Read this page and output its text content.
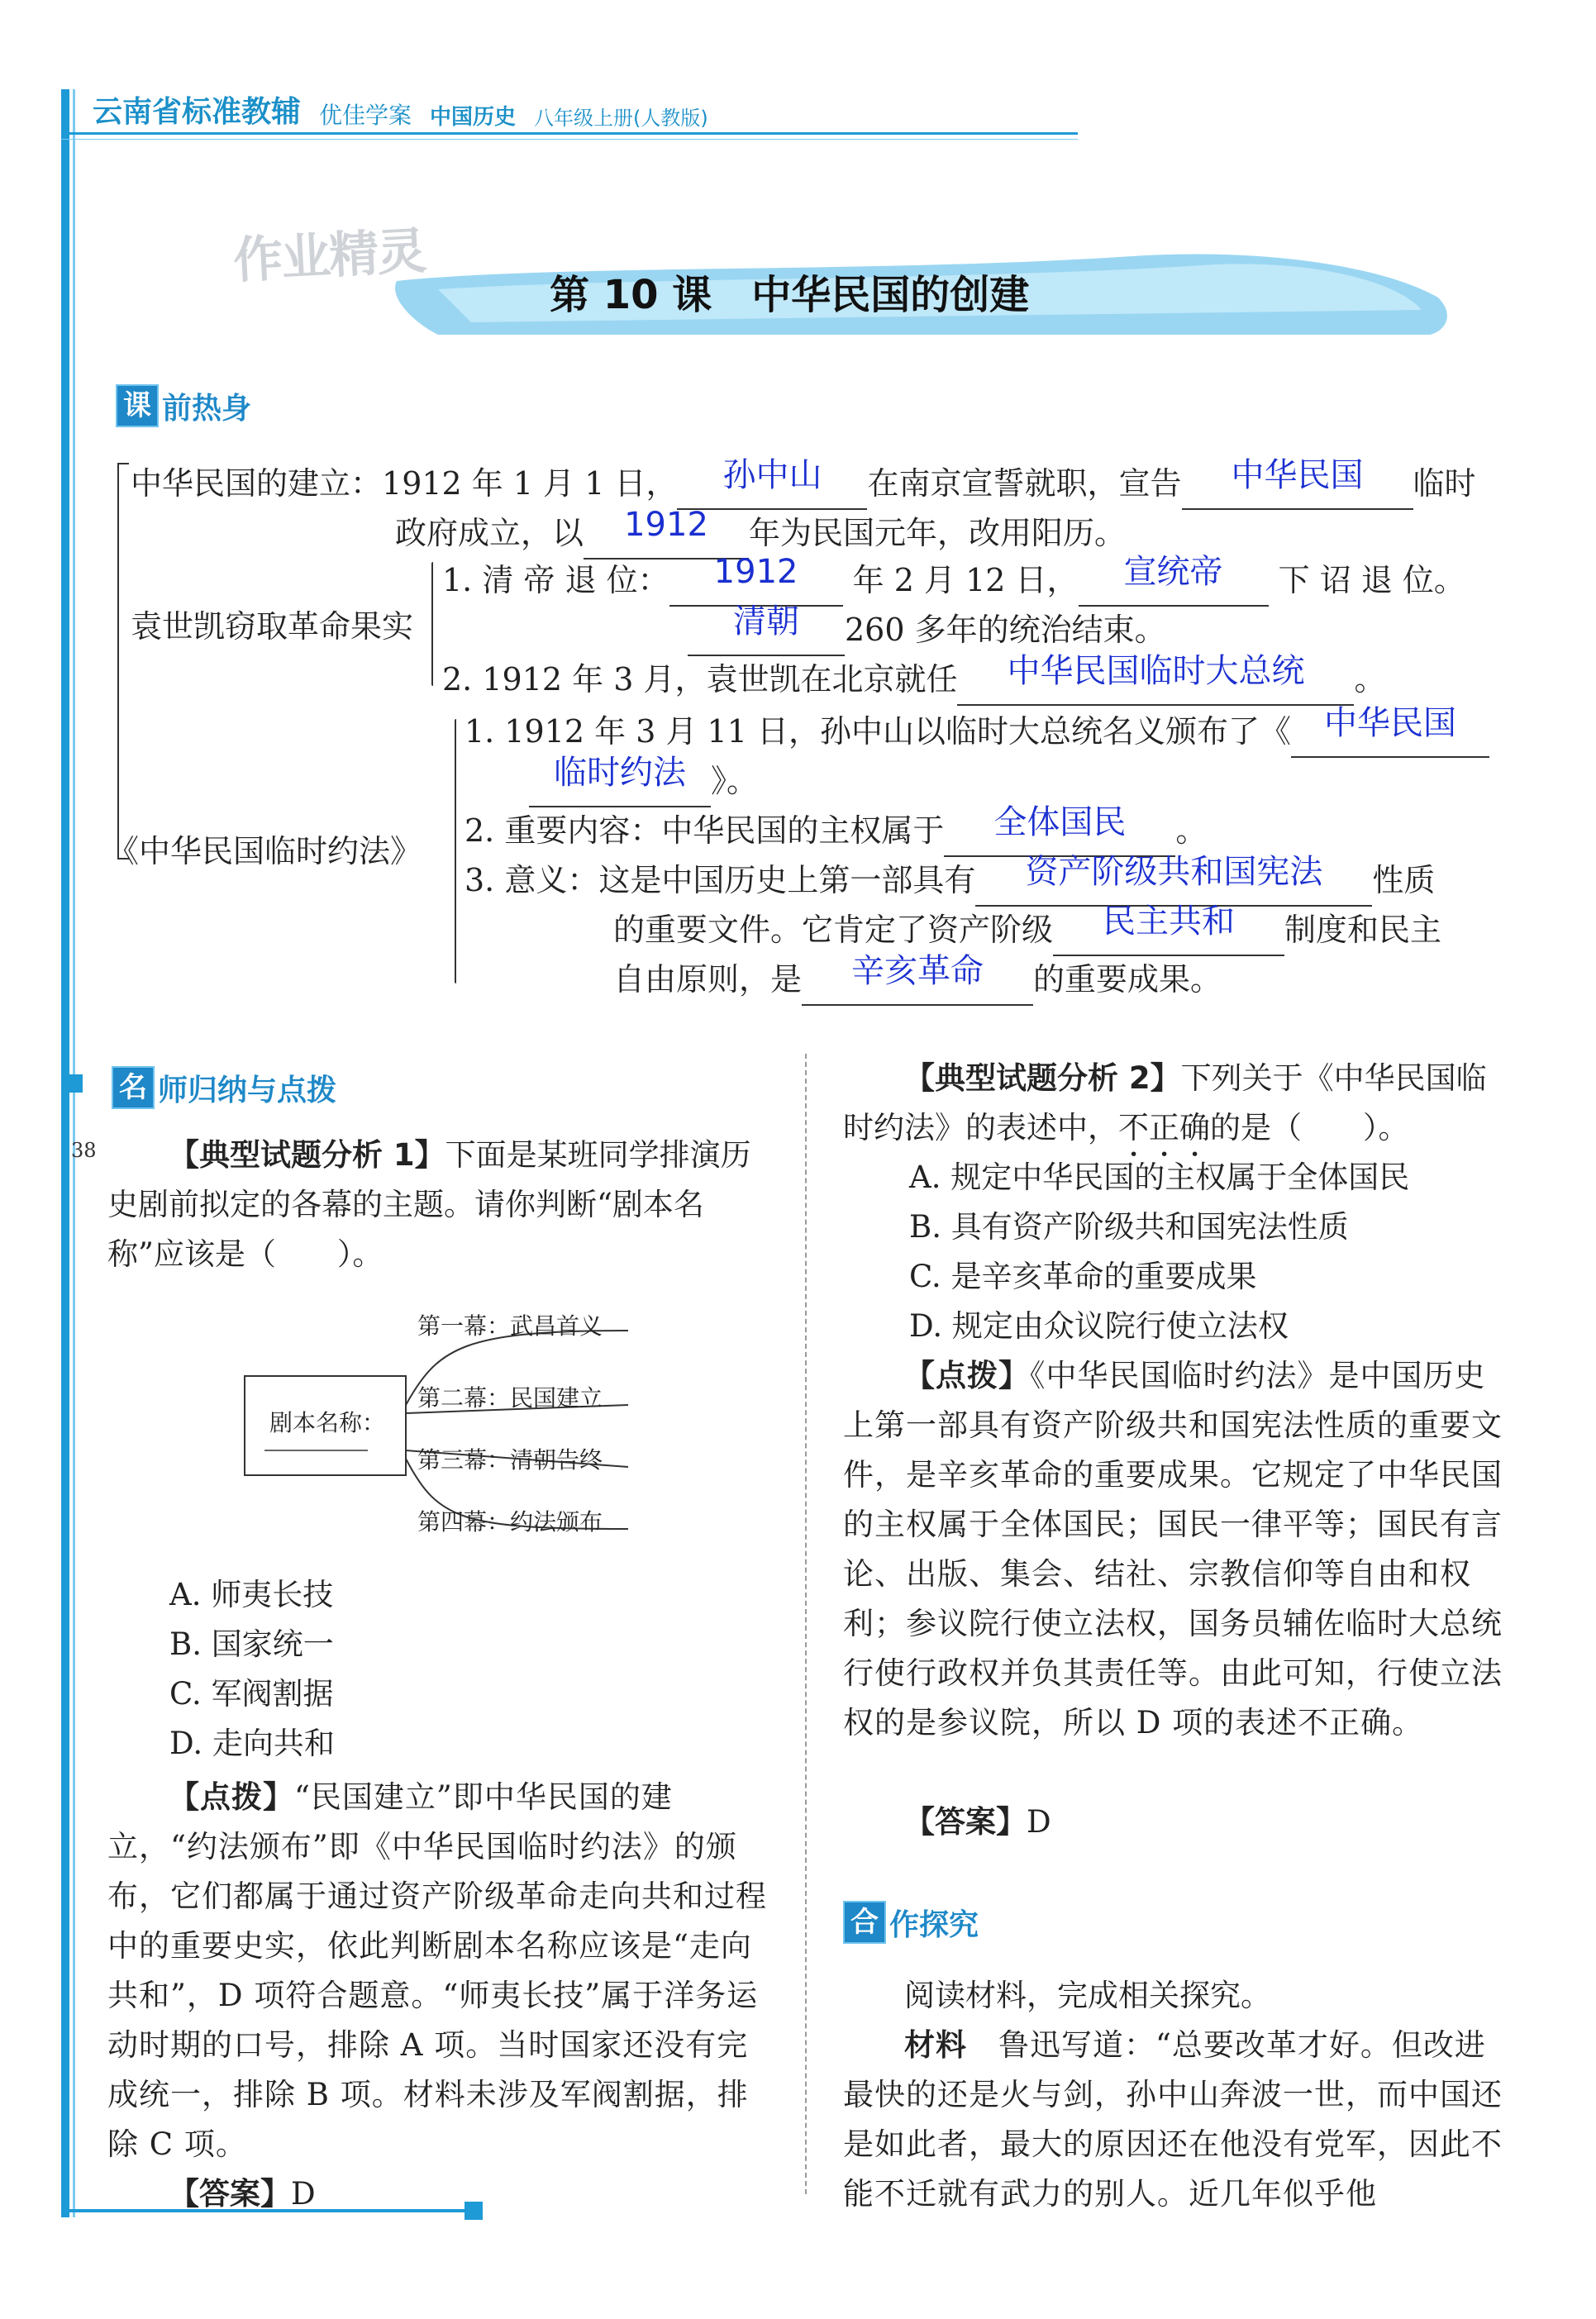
云南省标准教辅 优佳学案 中国历史 八年级上册(人教版)
作业精灵
第 10 课　中华民国的创建
课 前热身
中华民国的建立：1912 年 1 月 1 日，	孙中山	在南京宣誓就职，宣告	中华民国	临时
政府成立，以	1912	年为民国元年，改用阳历。
袁世凯窃取革命果实
1. 清 帝 退 位：	1912	年 2 月 12 日，	宣统帝	下 诏 退 位。
清朝	260 多年的统治结束。
2. 1912 年 3 月，袁世凯在北京就任	中华民国临时大总统	。
《中华民国临时约法》
1. 1912 年 3 月 11 日，孙中山以临时大总统名义颁布了《	中华民国

临时约法 》。
2. 重要内容：中华民国的主权属于	全体国民	。
3. 意义：这是中国历史上第一部具有	资产阶级共和国宪法	性质
的重要文件。它肯定了资产阶级	民主共和	制度和民主
自由原则，是	辛亥革命	的重要成果。
38
名 师归纳与点拨
【典型试题分析 1】下面是某班同学排演历史剧前拟定的各幕的主题。请你判断“剧本名称”应该是（　　）。
剧本名称：
第一幕：武昌首义
第二幕：民国建立
第三幕：清朝告终
第四幕：约法颁布
A. 师夷长技
B. 国家统一
C. 军阀割据
D. 走向共和
【点拨】“民国建立”即中华民国的建立，“约法颁布”即《中华民国临时约法》的颁布，它们都属于通过资产阶级革命走向共和过程中的重要史实，依此判断剧本名称应该是“走向共和”，D 项符合题意。“师夷长技”属于洋务运动时期的口号，排除 A 项。当时国家还没有完成统一，排除 B 项。材料未涉及军阀割据，排除 C 项。
【答案】D
【典型试题分析 2】下列关于《中华民国临时约法》的表述中，不正确的是（　　）。
A. 规定中华民国的主权属于全体国民
B. 具有资产阶级共和国宪法性质
C. 是辛亥革命的重要成果
D. 规定由众议院行使立法权
【点拨】《中华民国临时约法》是中国历史上第一部具有资产阶级共和国宪法性质的重要文件，是辛亥革命的重要成果。它规定了中华民国的主权属于全体国民；国民一律平等；国民有言论、出版、集会、结社、宗教信仰等自由和权利；参议院行使立法权，国务员辅佐临时大总统行使行政权并负其责任等。由此可知，行使立法权的是参议院，所以 D 项的表述不正确。
【答案】D
合 作探究
阅读材料，完成相关探究。
材料　 鲁迅写道：“总要改革才好。但改进最快的还是火与剑，孙中山奔波一世，而中国还是如此者，最大的原因还在他没有党军，因此不能不迁就有武力的别人。近几年似乎他
